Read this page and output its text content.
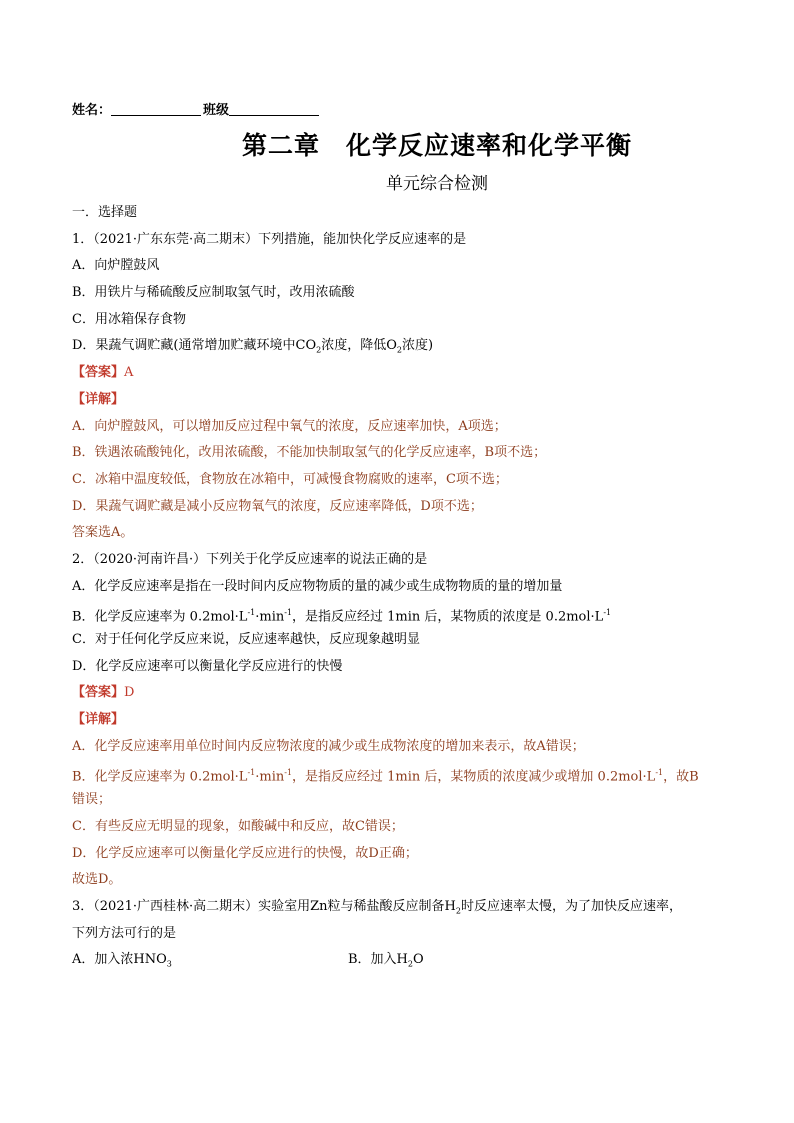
姓名：	班级
第二章　化学反应速率和化学平衡
单元综合检测
一．选择题
1．（2021·广东东莞·高二期末）下列措施，能加快化学反应速率的是
A．向炉膛鼓风
B．用铁片与稀硫酸反应制取氢气时，改用浓硫酸
C．用冰箱保存食物
D．果蔬气调贮藏(通常增加贮藏环境中$CO_2$浓度，降低$O_2$浓度)
【答案】A
【详解】
A．向炉膛鼓风，可以增加反应过程中氧气的浓度，反应速率加快，A项选；
B．铁遇浓硫酸钝化，改用浓硫酸，不能加快制取氢气的化学反应速率，B项不选；
C．冰箱中温度较低，食物放在冰箱中，可减慢食物腐败的速率，C项不选；
D．果蔬气调贮藏是减小反应物氧气的浓度，反应速率降低，D项不选；
答案选A。
2．（2020·河南许昌·）下列关于化学反应速率的说法正确的是
A．化学反应速率是指在一段时间内反应物物质的量的减少或生成物物质的量的增加量
B．化学反应速率为 $0.2mol\cdot L^{-1}\cdot\min^{-1}$，是指反应经过 1min 后，某物质的浓度是 $0.2mol\cdot L^{-1}$
C．对于任何化学反应来说，反应速率越快，反应现象越明显
D．化学反应速率可以衡量化学反应进行的快慢
【答案】D
【详解】
A．化学反应速率用单位时间内反应物浓度的减少或生成物浓度的增加来表示，故A错误；
B．化学反应速率为 $0.2mol\cdot L^{-1}\cdot\min^{-1}$，是指反应经过 1min 后，某物质的浓度减少或增加 $0.2mol\cdot L^{-1}$，故B
错误；
C．有些反应无明显的现象，如酸碱中和反应，故C错误；
D．化学反应速率可以衡量化学反应进行的快慢，故D正确；
故选D。
3．（2021·广西桂林·高二期末）实验室用Zn粒与稀盐酸反应制备$H_2$时反应速率太慢，为了加快反应速率，
下列方法可行的是
A．加入浓$HNO_3$	B．加入$H_2O$
